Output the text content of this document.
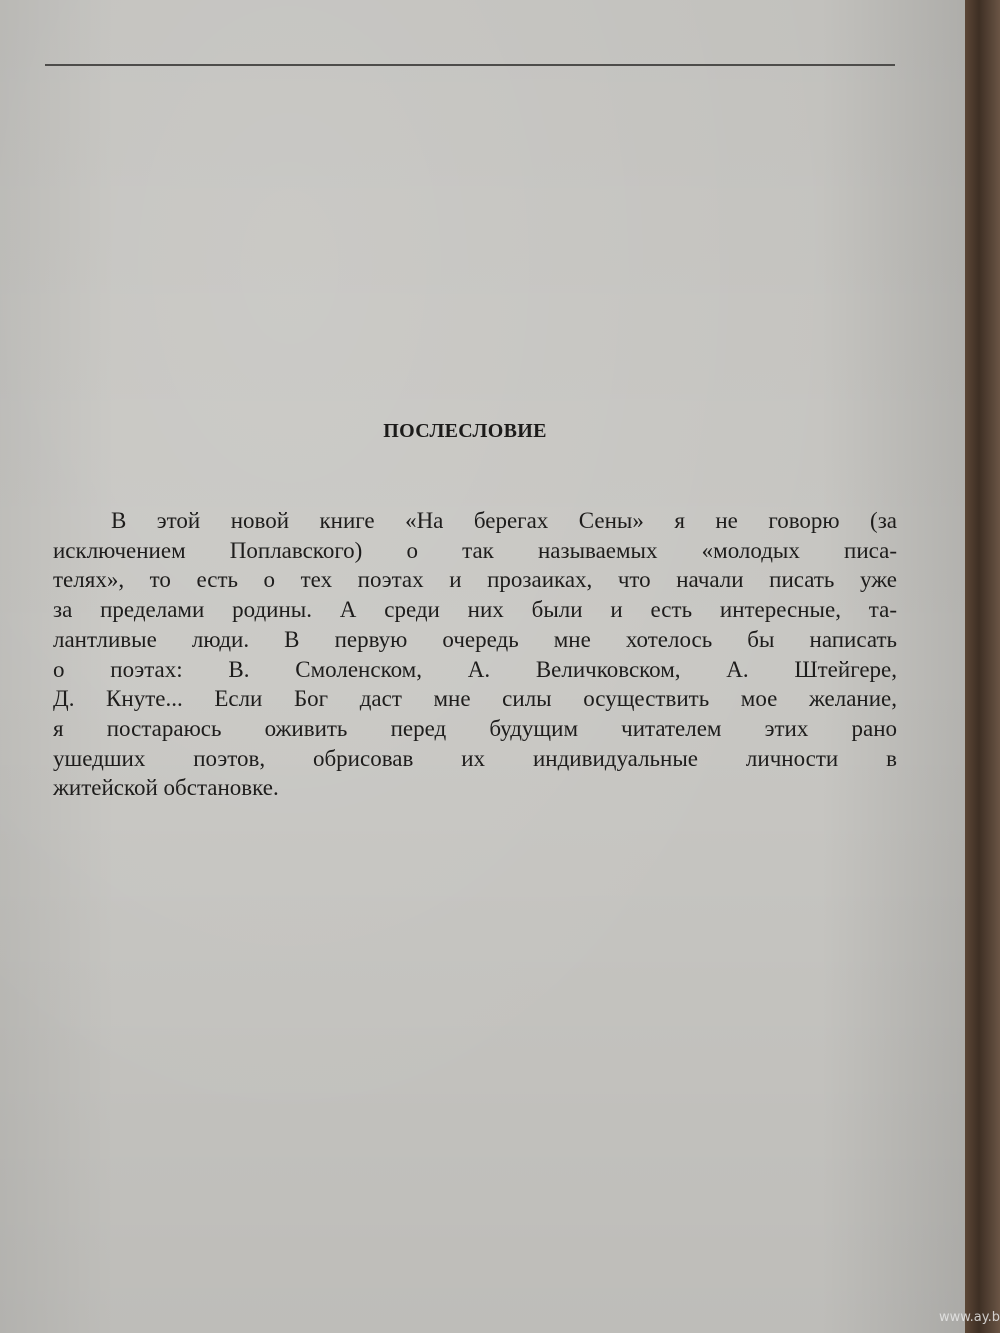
ПОСЛЕСЛОВИЕ
В этой новой книге «На берегах Сены» я не говорю (за
исключением Поплавского) о так называемых «молодых писа-
телях», то есть о тех поэтах и прозаиках, что начали писать уже
за пределами родины. А среди них были и есть интересные, та-
лантливые люди. В первую очередь мне хотелось бы написать
о поэтах: В. Смоленском, А. Величковском, А. Штейгере,
Д. Кнуте... Если Бог даст мне силы осуществить мое желание,
я постараюсь оживить перед будущим читателем этих рано
ушедших поэтов, обрисовав их индивидуальные личности в
житейской обстановке.
www.ay.b
